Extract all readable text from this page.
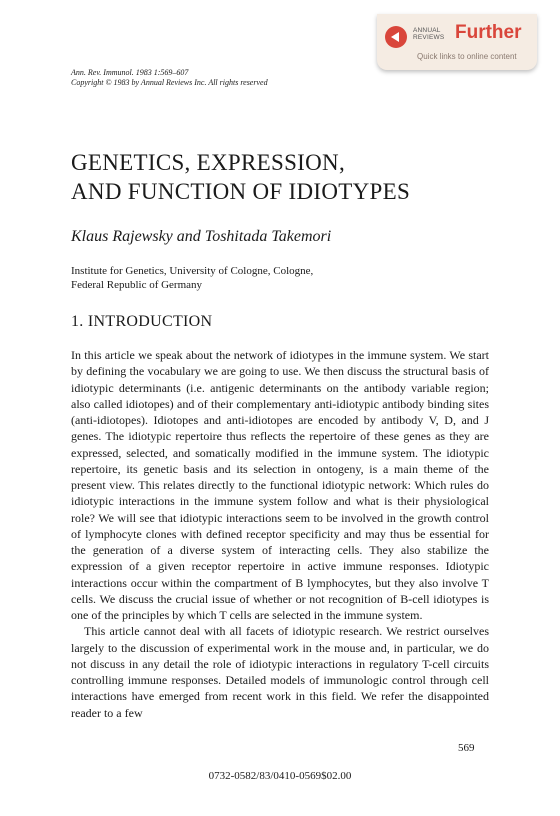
ANNUAL
REVIEWS Further
Quick links to online content
Ann. Rev. Immunol. 1983 1:569–607
Copyright © 1983 by Annual Reviews Inc. All rights reserved
GENETICS, EXPRESSION,
AND FUNCTION OF IDIOTYPES
Klaus Rajewsky and Toshitada Takemori
Institute for Genetics, University of Cologne, Cologne,
Federal Republic of Germany
1. INTRODUCTION

In this article we speak about the network of idiotypes in the immune system. We start by defining the vocabulary we are going to use. We then discuss the structural basis of idiotypic determinants (i.e. antigenic determinants on the antibody variable region; also called idiotopes) and of their complementary anti-idiotypic antibody binding sites (anti-idiotopes). Idiotopes and anti-idiotopes are encoded by antibody V, D, and J genes. The idiotypic repertoire thus reflects the repertoire of these genes as they are expressed, selected, and somatically modified in the immune system. The idiotypic repertoire, its genetic basis and its selection in ontogeny, is a main theme of the present view. This relates directly to the functional idiotypic network: Which rules do idiotypic interactions in the immune system follow and what is their physiological role? We will see that idiotypic interactions seem to be involved in the growth control of lymphocyte clones with defined receptor specificity and may thus be essential for the generation of a diverse system of interacting cells. They also stabilize the expression of a given receptor repertoire in active immune responses. Idiotypic interactions occur within the compartment of B lymphocytes, but they also involve T cells. We discuss the crucial issue of whether or not recognition of B-cell idiotypes is one of the principles by which T cells are selected in the immune system.

This article cannot deal with all facets of idiotypic research. We restrict ourselves largely to the discussion of experimental work in the mouse and, in particular, we do not discuss in any detail the role of idiotypic interactions in regulatory T-cell circuits controlling immune responses. Detailed models of immunologic control through cell interactions have emerged from recent work in this field. We refer the disappointed reader to a few

569
0732-0582/83/0410-0569$02.00
